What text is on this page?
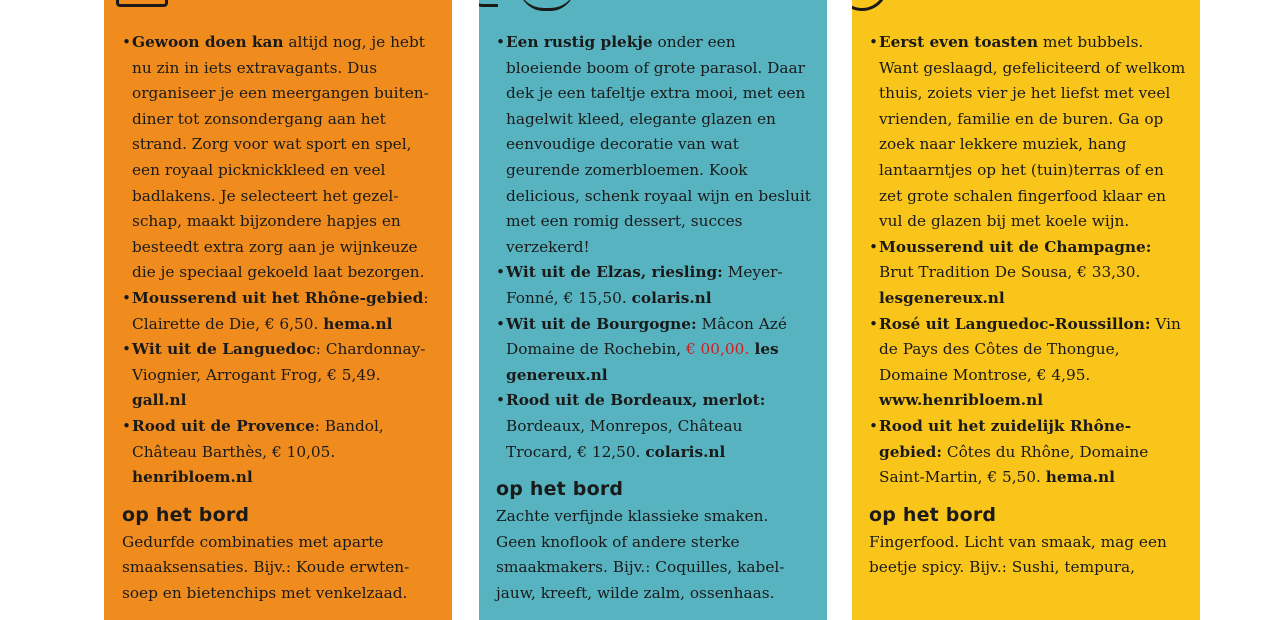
•Gewoon doen kan altijd nog, je hebt nu zin in iets extravagants. Dus organiseer je een meergangen buiten-diner tot zonsondergang aan het strand. Zorg voor wat sport en spel, een royaal picknickkleed en veel badlakens. Je selecteert het gezel-schap, maakt bijzondere hapjes en besteedt extra zorg aan je wijnkeuze die je speciaal gekoeld laat bezorgen.

•Mousserend uit het Rhône-gebied: Clairette de Die, € 6,50. hema.nl

•Wit uit de Languedoc: Chardonnay-Viognier, Arrogant Frog, € 5,49. gall.nl

•Rood uit de Provence: Bandol, Château Barthès, € 10,05. henribloem.nl

op het bord

Gedurfde combinaties met aparte smaaksensaties. Bijv.: Koude erwten-soep en bietenchips met venkelzaad.

•Een rustig plekje onder een bloeiende boom of grote parasol. Daar dek je een tafeltje extra mooi, met een hagelwit kleed, elegante glazen en eenvoudige decoratie van wat geurende zomerbloemen. Kook delicious, schenk royaal wijn en besluit met een romig dessert, succes verzekerd!

•Wit uit de Elzas, riesling: Meyer-Fonné, € 15,50. colaris.nl

•Wit uit de Bourgogne: Mâcon Azé Domaine de Rochebin, € 00,00. les genereux.nl

•Rood uit de Bordeaux, merlot: Bordeaux, Monrepos, Château Trocard, € 12,50. colaris.nl

op het bord

Zachte verfijnde klassieke smaken. Geen knoflook of andere sterke smaakmakers. Bijv.: Coquilles, kabel-jauw, kreeft, wilde zalm, ossenhaas.

•Eerst even toasten met bubbels. Want geslaagd, gefeliciteerd of welkom thuis, zoiets vier je het liefst met veel vrienden, familie en de buren. Ga op zoek naar lekkere muziek, hang lantaarntjes op het (tuin)terras of en zet grote schalen fingerfood klaar en vul de glazen bij met koele wijn.

•Mousserend uit de Champagne: Brut Tradition De Sousa, € 33,30. lesgenereux.nl

•Rosé uit Languedoc-Roussillon: Vin de Pays des Côtes de Thongue, Domaine Montrose, € 4,95. www.henribloem.nl

•Rood uit het zuidelijk Rhône-gebied: Côtes du Rhône, Domaine Saint-Martin, € 5,50. hema.nl

op het bord

Fingerfood. Licht van smaak, mag een beetje spicy. Bijv.: Sushi, tempura,
